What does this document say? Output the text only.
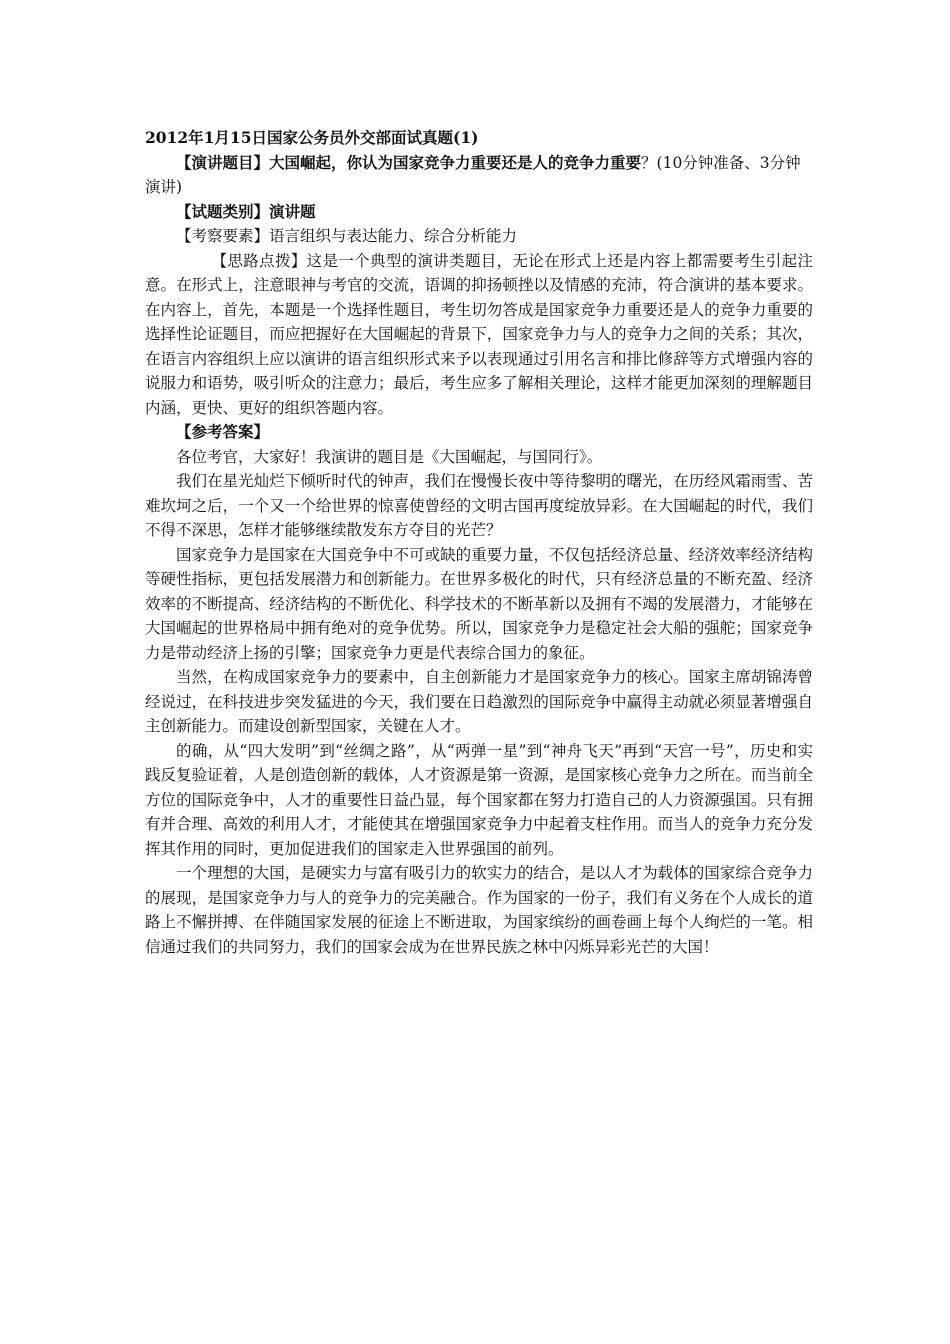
2012年1月15日国家公务员外交部面试真题(1)

【演讲题目】大国崛起，你认为国家竞争力重要还是人的竞争力重要？(10分钟准备、3分钟演讲)

【试题类别】演讲题

【考察要素】语言组织与表达能力、综合分析能力

【思路点拨】这是一个典型的演讲类题目，无论在形式上还是内容上都需要考生引起注意。在形式上，注意眼神与考官的交流，语调的抑扬顿挫以及情感的充沛，符合演讲的基本要求。在内容上，首先，本题是一个选择性题目，考生切勿答成是国家竞争力重要还是人的竞争力重要的选择性论证题目，而应把握好在大国崛起的背景下，国家竞争力与人的竞争力之间的关系；其次，在语言内容组织上应以演讲的语言组织形式来予以表现通过引用名言和排比修辞等方式增强内容的说服力和语势，吸引听众的注意力；最后，考生应多了解相关理论，这样才能更加深刻的理解题目内涵，更快、更好的组织答题内容。

【参考答案】

各位考官，大家好！我演讲的题目是《大国崛起，与国同行》。

我们在星光灿烂下倾听时代的钟声，我们在慢慢长夜中等待黎明的曙光，在历经风霜雨雪、苦难坎坷之后，一个又一个给世界的惊喜使曾经的文明古国再度绽放异彩。在大国崛起的时代，我们不得不深思，怎样才能够继续散发东方夺目的光芒？

国家竞争力是国家在大国竞争中不可或缺的重要力量，不仅包括经济总量、经济效率经济结构等硬性指标，更包括发展潜力和创新能力。在世界多极化的时代，只有经济总量的不断充盈、经济效率的不断提高、经济结构的不断优化、科学技术的不断革新以及拥有不竭的发展潜力，才能够在大国崛起的世界格局中拥有绝对的竞争优势。所以，国家竞争力是稳定社会大船的强舵；国家竞争力是带动经济上扬的引擎；国家竞争力更是代表综合国力的象征。

当然，在构成国家竞争力的要素中，自主创新能力才是国家竞争力的核心。国家主席胡锦涛曾经说过，在科技进步突发猛进的今天，我们要在日趋激烈的国际竞争中赢得主动就必须显著增强自主创新能力。而建设创新型国家，关键在人才。

的确，从“四大发明”到“丝绸之路”，从“两弹一星”到“神舟飞天”再到“天宫一号”，历史和实践反复验证着，人是创造创新的载体，人才资源是第一资源，是国家核心竞争力之所在。而当前全方位的国际竞争中，人才的重要性日益凸显，每个国家都在努力打造自己的人力资源强国。只有拥有并合理、高效的利用人才，才能使其在增强国家竞争力中起着支柱作用。而当人的竞争力充分发挥其作用的同时，更加促进我们的国家走入世界强国的前列。

一个理想的大国，是硬实力与富有吸引力的软实力的结合，是以人才为载体的国家综合竞争力的展现，是国家竞争力与人的竞争力的完美融合。作为国家的一份子，我们有义务在个人成长的道路上不懈拼搏、在伴随国家发展的征途上不断进取，为国家缤纷的画卷画上每个人绚烂的一笔。相信通过我们的共同努力，我们的国家会成为在世界民族之林中闪烁异彩光芒的大国！
